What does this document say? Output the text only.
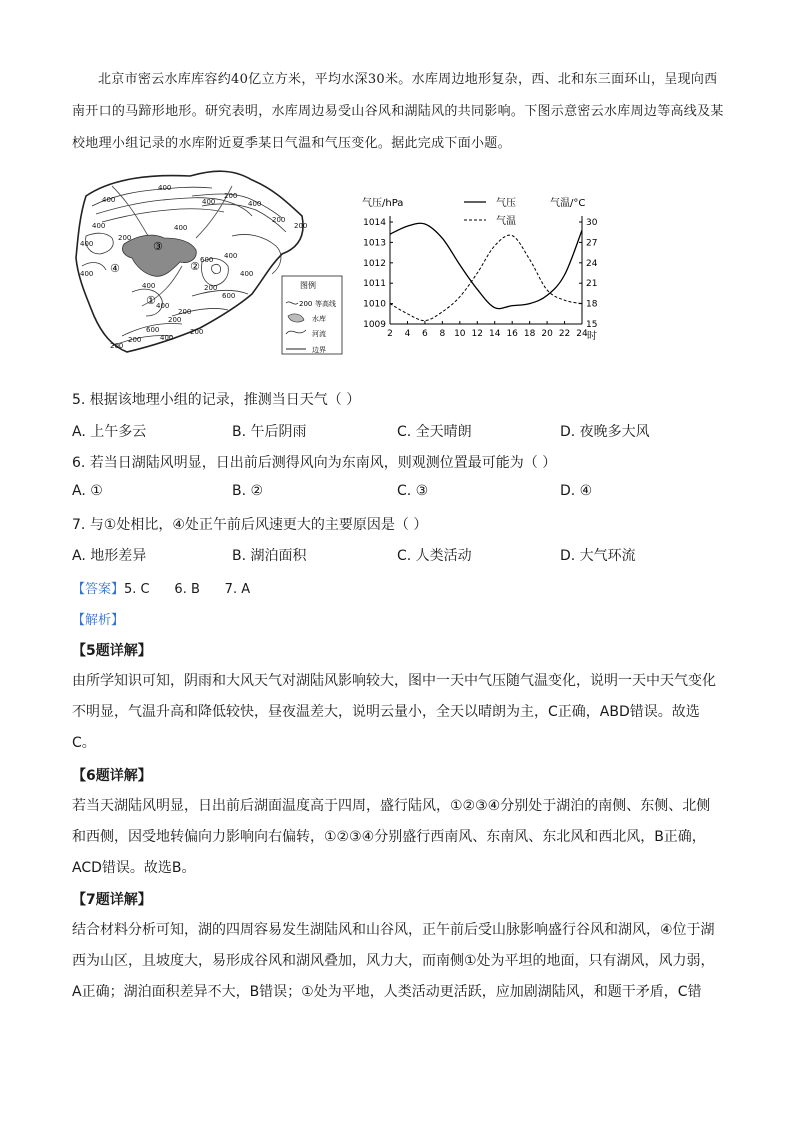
北京市密云水库库容约40亿立方米，平均水深30米。水库周边地形复杂，西、北和东三面环山，呈现向西南开口的马蹄形地形。研究表明，水库周边易受山谷风和湖陆风的共同影响。下图示意密云水库周边等高线及某校地理小组记录的水库附近夏季某日气温和气压变化。据此完成下面小题。
400
400
400
200
400
200
200
400	400
200
400
600 400
400
200
600
400
200
200
200
600
400
200
400
200
400
①
②
③
④
图例
200 等高线
水库
河流
边界
气压/hPa	气温/°C
气压
气温
1014
1013
1012
1011
1010
1009
30
27
24
21
18
15
2 4 6 8 10 12 14 16 18 20 22 24 时
5. 根据该地理小组的记录，推测当日天气（ ）
A. 上午多云	B. 午后阴雨	C. 全天晴朗	D. 夜晚多大风
6. 若当日湖陆风明显，日出前后测得风向为东南风，则观测位置最可能为（ ）
A. ①	B. ②	C. ③	D. ④
7. 与①处相比，④处正午前后风速更大的主要原因是（ ）
A. 地形差异	B. 湖泊面积	C. 人类活动	D. 大气环流
【答案】5. C      6. B      7. A
【解析】
【5题详解】
由所学知识可知，阴雨和大风天气对湖陆风影响较大，图中一天中气压随气温变化，说明一天中天气变化
不明显，气温升高和降低较快，昼夜温差大，说明云量小，全天以晴朗为主，C正确，ABD错误。故选
C。
【6题详解】
若当天湖陆风明显，日出前后湖面温度高于四周，盛行陆风，①②③④分别处于湖泊的南侧、东侧、北侧
和西侧，因受地转偏向力影响向右偏转，①②③④分别盛行西南风、东南风、东北风和西北风，B正确，
ACD错误。故选B。
【7题详解】
结合材料分析可知，湖的四周容易发生湖陆风和山谷风，正午前后受山脉影响盛行谷风和湖风，④位于湖
西为山区，且坡度大，易形成谷风和湖风叠加，风力大，而南侧①处为平坦的地面，只有湖风，风力弱，
A正确；湖泊面积差异不大，B错误；①处为平地，人类活动更活跃，应加剧湖陆风，和题干矛盾，C错
